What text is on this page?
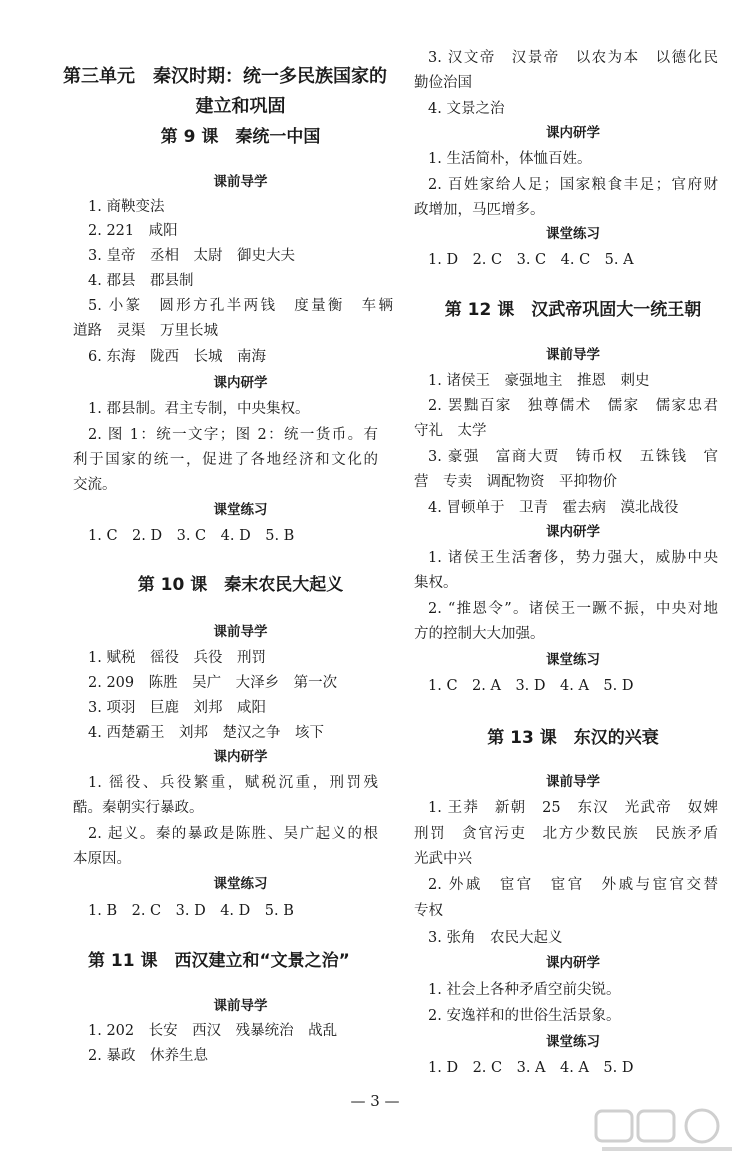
第三单元　秦汉时期：统一多民族国家的
建立和巩固
第 9 课　秦统一中国
课前导学
1. 商鞅变法
2. 221　咸阳
3. 皇帝　丞相　太尉　御史大夫
4. 郡县　郡县制
5. 小篆　圆形方孔半两钱　度量衡　车辆
道路　灵渠　万里长城
6. 东海　陇西　长城　南海
课内研学
1. 郡县制。君主专制，中央集权。
2. 图 1：统一文字；图 2：统一货币。有
利于国家的统一，促进了各地经济和文化的
交流。
课堂练习
1. C　2. D　3. C　4. D　5. B
第 10 课　秦末农民大起义
课前导学
1. 赋税　徭役　兵役　刑罚
2. 209　陈胜　吴广　大泽乡　第一次
3. 项羽　巨鹿　刘邦　咸阳
4. 西楚霸王　刘邦　楚汉之争　垓下
课内研学
1. 徭役、兵役繁重，赋税沉重，刑罚残
酷。秦朝实行暴政。
2. 起义。秦的暴政是陈胜、吴广起义的根
本原因。
课堂练习
1. B　2. C　3. D　4. D　5. B
第 11 课　西汉建立和“文景之治”
课前导学
1. 202　长安　西汉　残暴统治　战乱
2. 暴政　休养生息
3. 汉文帝　汉景帝　以农为本　以德化民
勤俭治国
4. 文景之治
课内研学
1. 生活简朴，体恤百姓。
2. 百姓家给人足；国家粮食丰足；官府财
政增加，马匹增多。
课堂练习
1. D　2. C　3. C　4. C　5. A
第 12 课　汉武帝巩固大一统王朝
课前导学
1. 诸侯王　豪强地主　推恩　刺史
2. 罢黜百家　独尊儒术　儒家　儒家忠君
守礼　太学
3. 豪强　富商大贾　铸币权　五铢钱　官
营　专卖　调配物资　平抑物价
4. 冒顿单于　卫青　霍去病　漠北战役
课内研学
1. 诸侯王生活奢侈，势力强大，威胁中央
集权。
2. “推恩令”。诸侯王一蹶不振，中央对地
方的控制大大加强。
课堂练习
1. C　2. A　3. D　4. A　5. D
第 13 课　东汉的兴衰
课前导学
1. 王莽　新朝　25　东汉　光武帝　奴婢
刑罚　贪官污吏　北方少数民族　民族矛盾
光武中兴
2. 外戚　宦官　宦官　外戚与宦官交替
专权
3. 张角　农民大起义
课内研学
1. 社会上各种矛盾空前尖锐。
2. 安逸祥和的世俗生活景象。
课堂练习
1. D　2. C　3. A　4. A　5. D
— 3 —
